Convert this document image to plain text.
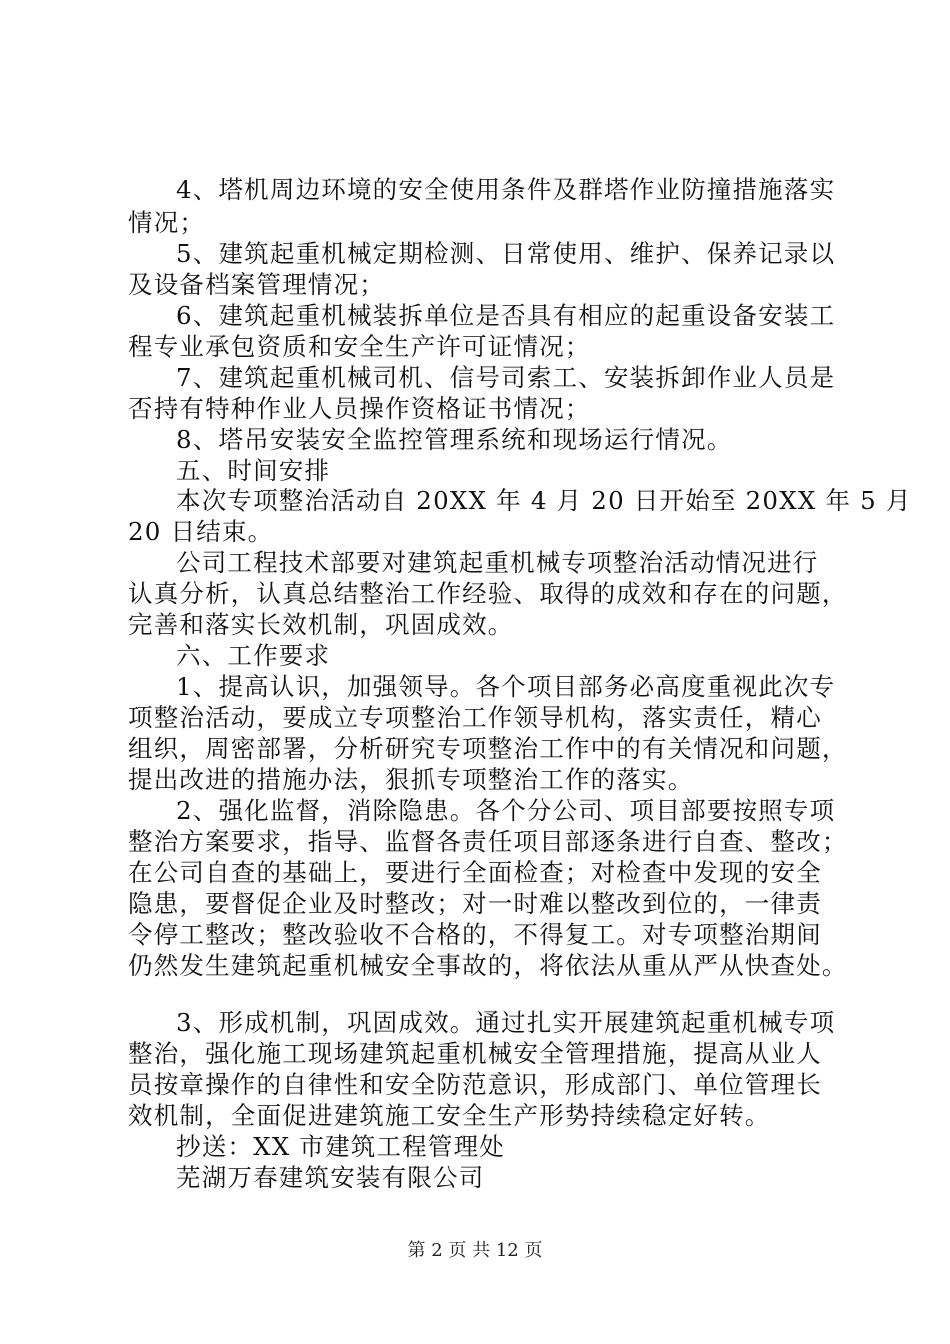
4、塔机周边环境的安全使用条件及群塔作业防撞措施落实
情况；
5、建筑起重机械定期检测、日常使用、维护、保养记录以
及设备档案管理情况；
6、建筑起重机械装拆单位是否具有相应的起重设备安装工
程专业承包资质和安全生产许可证情况；
7、建筑起重机械司机、信号司索工、安装拆卸作业人员是
否持有特种作业人员操作资格证书情况；
8、塔吊安装安全监控管理系统和现场运行情况。
五、时间安排
本次专项整治活动自 20XX 年 4 月 20 日开始至 20XX 年 5 月
20 日结束。
公司工程技术部要对建筑起重机械专项整治活动情况进行
认真分析，认真总结整治工作经验、取得的成效和存在的问题，
完善和落实长效机制，巩固成效。
六、工作要求
1、提高认识，加强领导。各个项目部务必高度重视此次专
项整治活动，要成立专项整治工作领导机构，落实责任，精心
组织，周密部署，分析研究专项整治工作中的有关情况和问题，
提出改进的措施办法，狠抓专项整治工作的落实。
2、强化监督，消除隐患。各个分公司、项目部要按照专项
整治方案要求，指导、监督各责任项目部逐条进行自查、整改；
在公司自查的基础上，要进行全面检查；对检查中发现的安全
隐患，要督促企业及时整改；对一时难以整改到位的，一律责
令停工整改；整改验收不合格的，不得复工。对专项整治期间
仍然发生建筑起重机械安全事故的，将依法从重从严从快查处。
3、形成机制，巩固成效。通过扎实开展建筑起重机械专项
整治，强化施工现场建筑起重机械安全管理措施，提高从业人
员按章操作的自律性和安全防范意识，形成部门、单位管理长
效机制，全面促进建筑施工安全生产形势持续稳定好转。
抄送：XX 市建筑工程管理处
芜湖万春建筑安装有限公司
第 2 页 共 12 页
